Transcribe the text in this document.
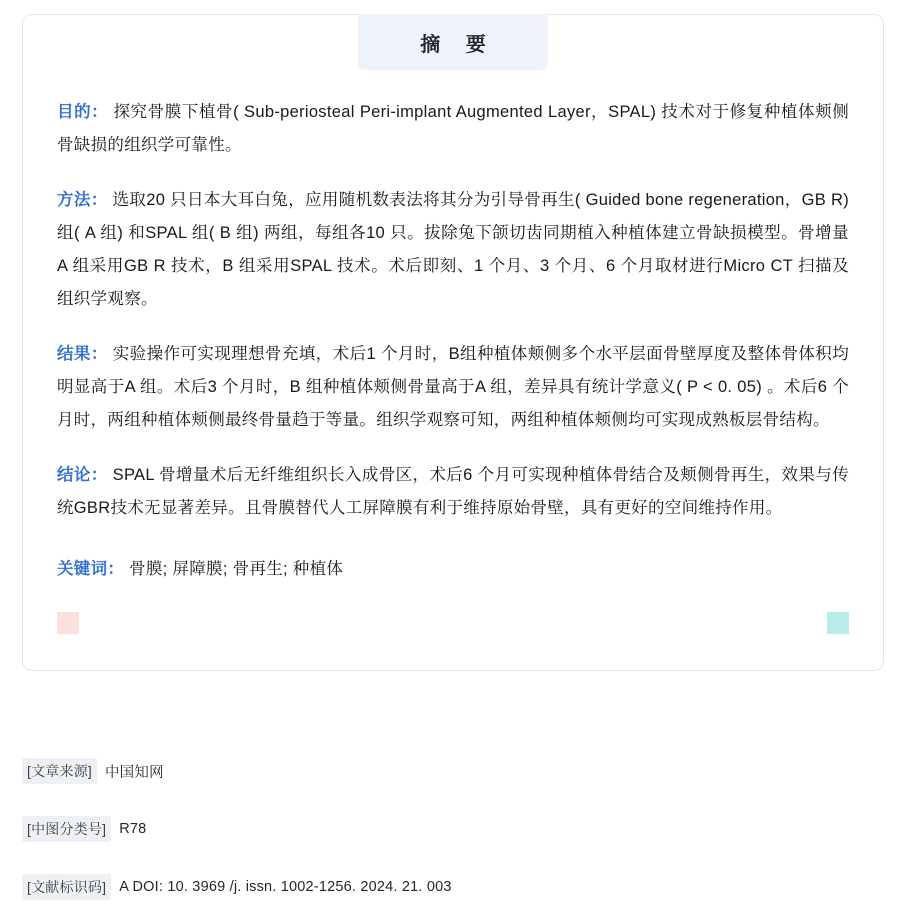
摘 要

目的： 探究骨膜下植骨( Sub‑periosteal Peri‑implant Augmented Layer，SPAL) 技术对于修复种植体颊侧骨缺损的组织学可靠性。

方法： 选取20 只日本大耳白兔，应用随机数表法将其分为引导骨再生( Guided bone regeneration，GB R) 组( A 组) 和SPAL 组( B 组) 两组，每组各10 只。拔除兔下颌切齿同期植入种植体建立骨缺损模型。骨增量A 组采用GB R 技术，B 组采用SPAL 技术。术后即刻、1 个月、3 个月、6 个月取材进行Micro CT 扫描及组织学观察。

结果： 实验操作可实现理想骨充填，术后1 个月时，B组种植体颊侧多个水平层面骨壁厚度及整体骨体积均明显高于A 组。术后3 个月时，B 组种植体颊侧骨量高于A 组，差异具有统计学意义( P < 0. 05) 。术后6 个月时，两组种植体颊侧最终骨量趋于等量。组织学观察可知，两组种植体颊侧均可实现成熟板层骨结构。

结论： SPAL 骨增量术后无纤维组织长入成骨区，术后6 个月可实现种植体骨结合及颊侧骨再生，效果与传统GBR技术无显著差异。且骨膜替代人工屏障膜有利于维持原始骨壁，具有更好的空间维持作用。

关键词： 骨膜; 屏障膜; 骨再生; 种植体

[文章来源] 中国知网
[中图分类号] R78
[文献标识码] A DOI: 10. 3969 /j. issn. 1002‑1256. 2024. 21. 003
